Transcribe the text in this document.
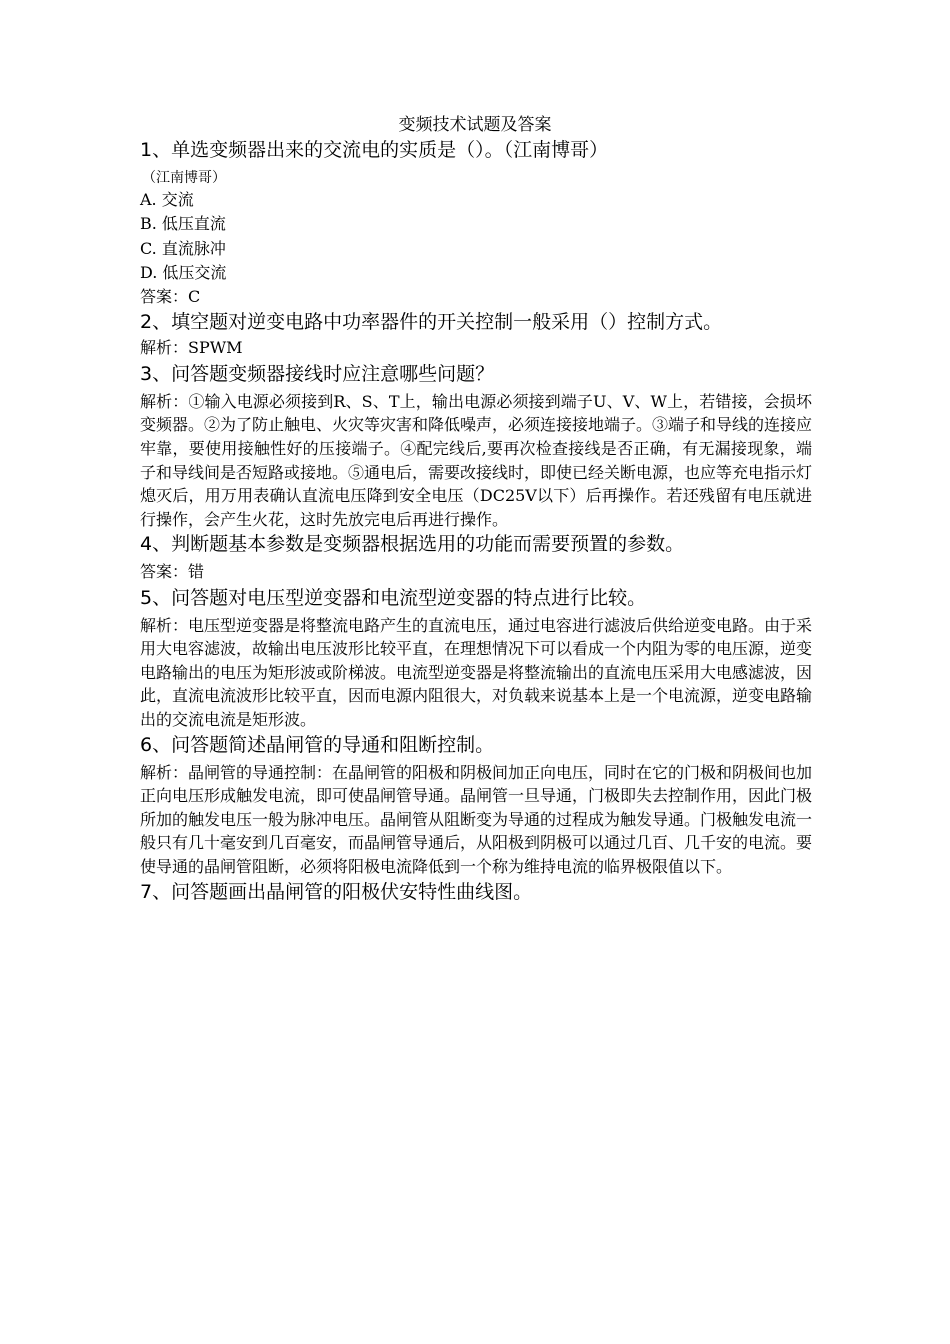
变频技术试题及答案
1、单选变频器出来的交流电的实质是（）。（江南博哥）
（江南博哥）
A. 交流
B. 低压直流
C. 直流脉冲
D. 低压交流
答案：C
2、填空题对逆变电路中功率器件的开关控制一般采用（）控制方式。
解析：SPWM
3、问答题变频器接线时应注意哪些问题？
解析：①输入电源必须接到R、S、T上，输出电源必须接到端子U、V、W上，若错接，会损坏变频器。②为了防止触电、火灾等灾害和降低噪声，必须连接接地端子。③端子和导线的连接应牢靠，要使用接触性好的压接端子。④配完线后,要再次检查接线是否正确，有无漏接现象，端子和导线间是否短路或接地。⑤通电后，需要改接线时，即使已经关断电源，也应等充电指示灯熄灭后，用万用表确认直流电压降到安全电压（DC25V以下）后再操作。若还残留有电压就进行操作，会产生火花，这时先放完电后再进行操作。
4、判断题基本参数是变频器根据选用的功能而需要预置的参数。
答案：错
5、问答题对电压型逆变器和电流型逆变器的特点进行比较。
解析：电压型逆变器是将整流电路产生的直流电压，通过电容进行滤波后供给逆变电路。由于采用大电容滤波，故输出电压波形比较平直，在理想情况下可以看成一个内阻为零的电压源，逆变电路输出的电压为矩形波或阶梯波。电流型逆变器是将整流输出的直流电压采用大电感滤波，因此，直流电流波形比较平直，因而电源内阻很大，对负载来说基本上是一个电流源，逆变电路输出的交流电流是矩形波。
6、问答题简述晶闸管的导通和阻断控制。
解析：晶闸管的导通控制：在晶闸管的阳极和阴极间加正向电压，同时在它的门极和阴极间也加正向电压形成触发电流，即可使晶闸管导通。晶闸管一旦导通，门极即失去控制作用，因此门极所加的触发电压一般为脉冲电压。晶闸管从阻断变为导通的过程成为触发导通。门极触发电流一般只有几十毫安到几百毫安，而晶闸管导通后，从阳极到阴极可以通过几百、几千安的电流。要使导通的晶闸管阻断，必须将阳极电流降低到一个称为维持电流的临界极限值以下。
7、问答题画出晶闸管的阳极伏安特性曲线图。
